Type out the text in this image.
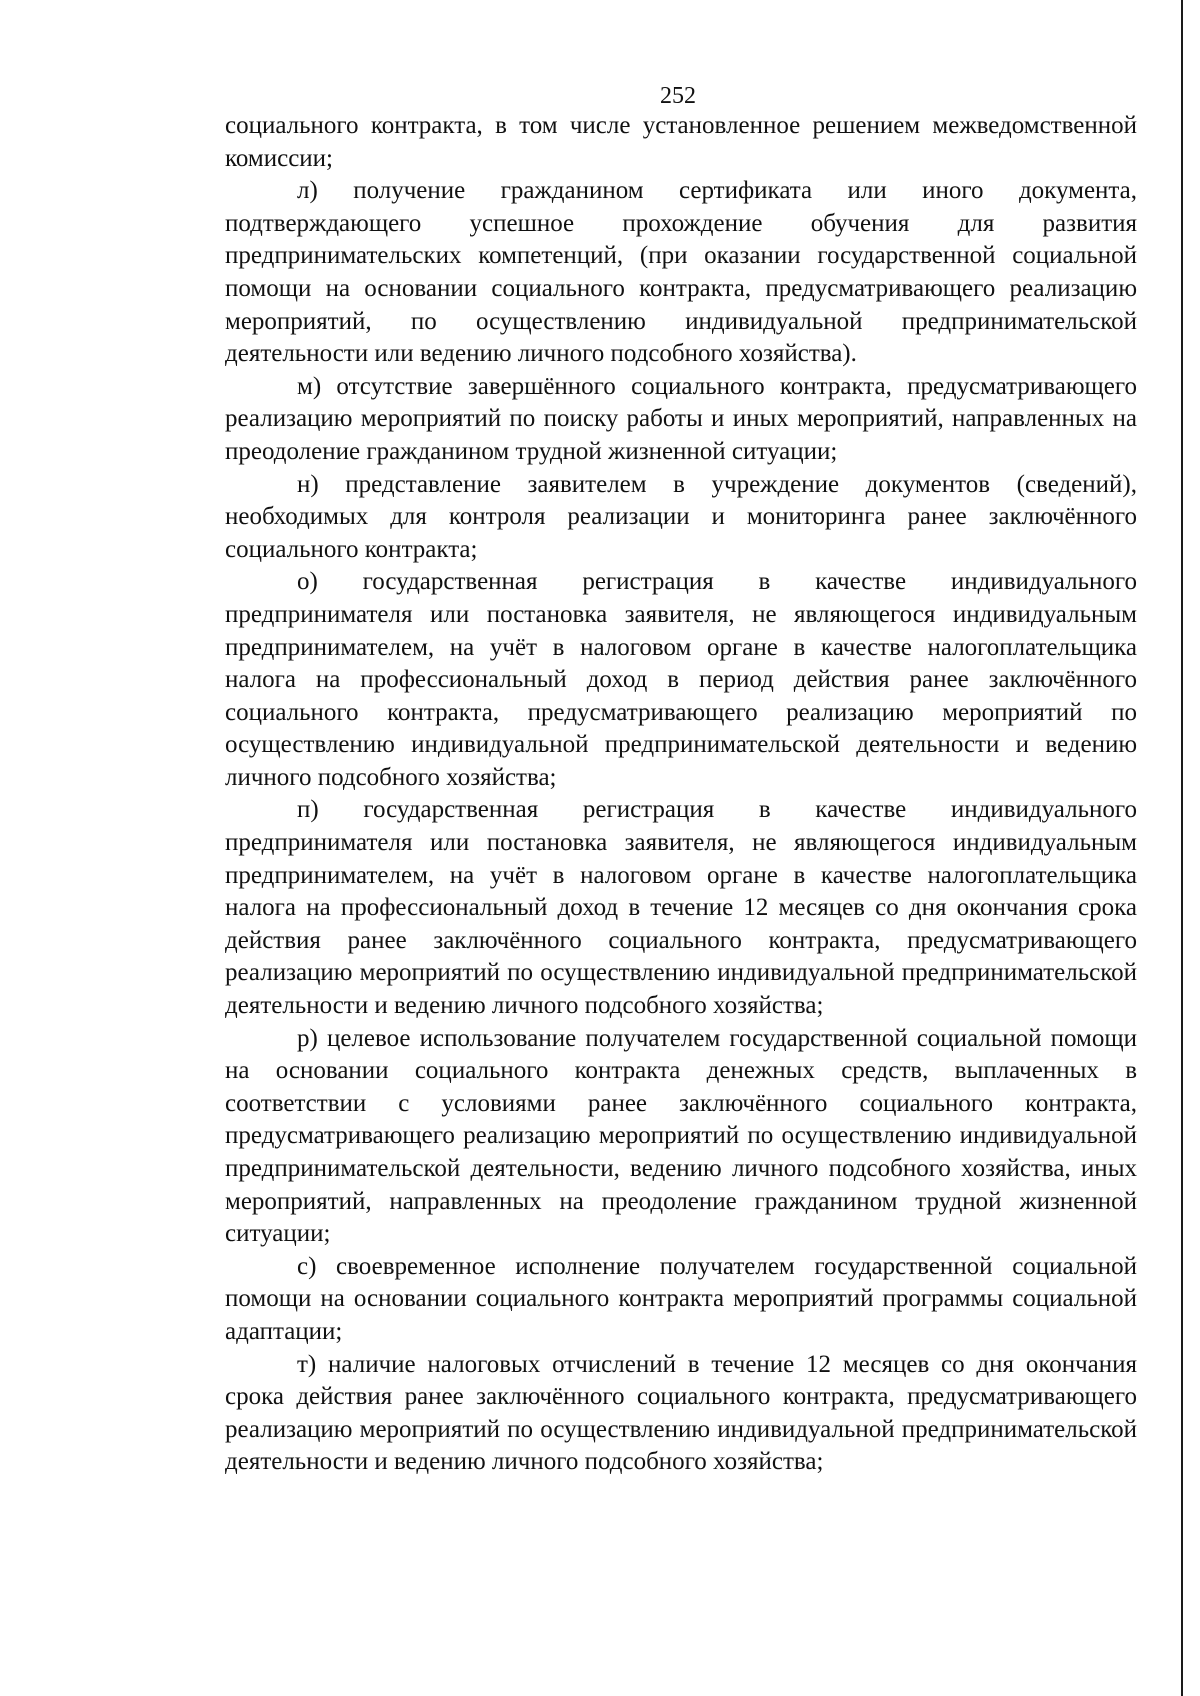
252

социального контракта, в том числе установленное решением межведомственной комиссии;

л) получение гражданином сертификата или иного документа, подтверждающего успешное прохождение обучения для развития предпринимательских компетенций, (при оказании государственной социальной помощи на основании социального контракта, предусматривающего реализацию мероприятий, по осуществлению индивидуальной предпринимательской деятельности или ведению личного подсобного хозяйства).

м) отсутствие завершённого социального контракта, предусматривающего реализацию мероприятий по поиску работы и иных мероприятий, направленных на преодоление гражданином трудной жизненной ситуации;

н) представление заявителем в учреждение документов (сведений), необходимых для контроля реализации и мониторинга ранее заключённого социального контракта;

о) государственная регистрация в качестве индивидуального предпринимателя или постановка заявителя, не являющегося индивидуальным предпринимателем, на учёт в налоговом органе в качестве налогоплательщика налога на профессиональный доход в период действия ранее заключённого социального контракта, предусматривающего реализацию мероприятий по осуществлению индивидуальной предпринимательской деятельности и ведению личного подсобного хозяйства;

п) государственная регистрация в качестве индивидуального предпринимателя или постановка заявителя, не являющегося индивидуальным предпринимателем, на учёт в налоговом органе в качестве налогоплательщика налога на профессиональный доход в течение 12 месяцев со дня окончания срока действия ранее заключённого социального контракта, предусматривающего реализацию мероприятий по осуществлению индивидуальной предпринимательской деятельности и ведению личного подсобного хозяйства;

р) целевое использование получателем государственной социальной помощи на основании социального контракта денежных средств, выплаченных в соответствии с условиями ранее заключённого социального контракта, предусматривающего реализацию мероприятий по осуществлению индивидуальной предпринимательской деятельности, ведению личного подсобного хозяйства, иных мероприятий, направленных на преодоление гражданином трудной жизненной ситуации;

с) своевременное исполнение получателем государственной социальной помощи на основании социального контракта мероприятий программы социальной адаптации;

т) наличие налоговых отчислений в течение 12 месяцев со дня окончания срока действия ранее заключённого социального контракта, предусматривающего реализацию мероприятий по осуществлению индивидуальной предпринимательской деятельности и ведению личного подсобного хозяйства;
